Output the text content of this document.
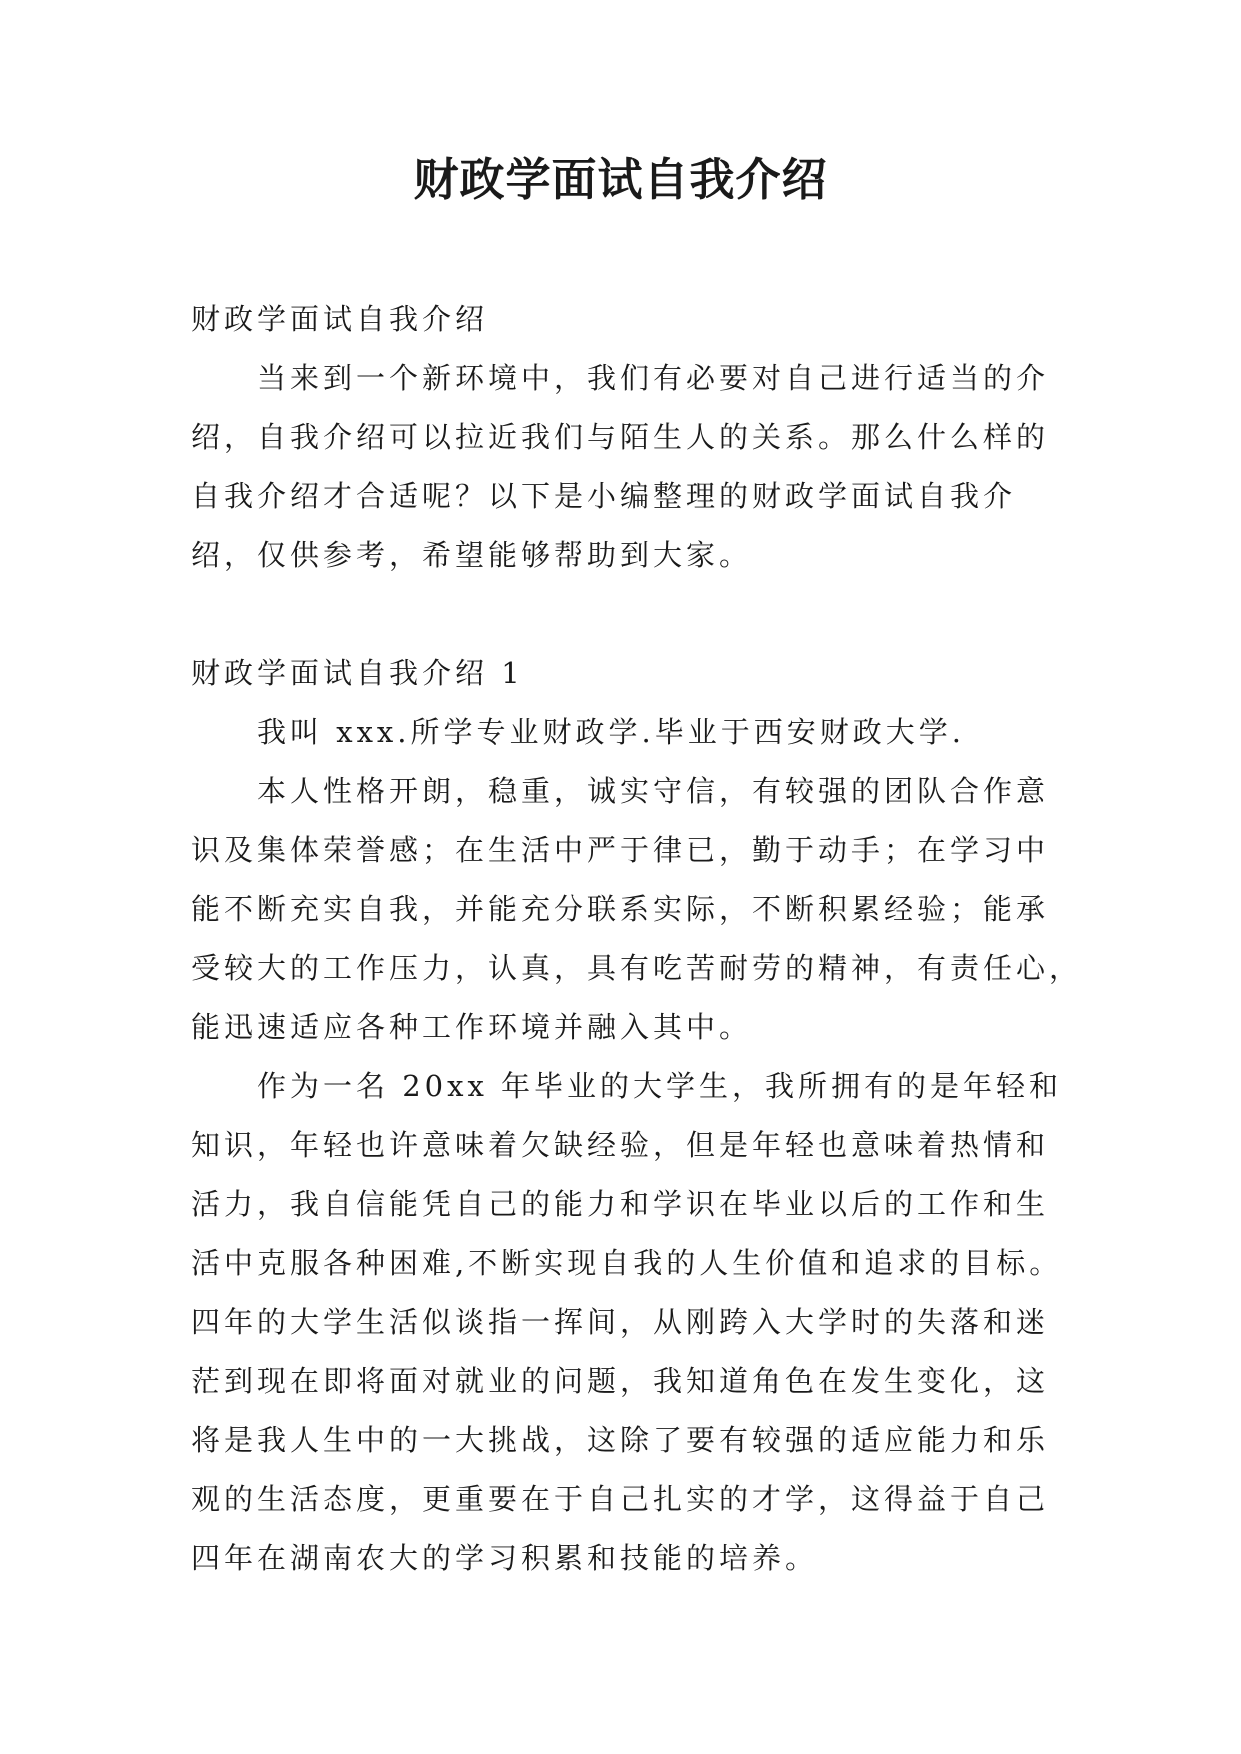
财政学面试自我介绍
财政学面试自我介绍
当来到一个新环境中，我们有必要对自己进行适当的介
绍，自我介绍可以拉近我们与陌生人的关系。那么什么样的
自我介绍才合适呢？以下是小编整理的财政学面试自我介
绍，仅供参考，希望能够帮助到大家。
财政学面试自我介绍 1
我叫 xxx.所学专业财政学.毕业于西安财政大学.
本人性格开朗，稳重，诚实守信，有较强的团队合作意
识及集体荣誉感；在生活中严于律已，勤于动手；在学习中
能不断充实自我，并能充分联系实际，不断积累经验；能承
受较大的工作压力，认真，具有吃苦耐劳的精神，有责任心，
能迅速适应各种工作环境并融入其中。
作为一名 20xx 年毕业的大学生，我所拥有的是年轻和
知识，年轻也许意味着欠缺经验，但是年轻也意味着热情和
活力，我自信能凭自己的能力和学识在毕业以后的工作和生
活中克服各种困难,不断实现自我的人生价值和追求的目标。
四年的大学生活似谈指一挥间，从刚跨入大学时的失落和迷
茫到现在即将面对就业的问题，我知道角色在发生变化，这
将是我人生中的一大挑战，这除了要有较强的适应能力和乐
观的生活态度，更重要在于自己扎实的才学，这得益于自己
四年在湖南农大的学习积累和技能的培养。
